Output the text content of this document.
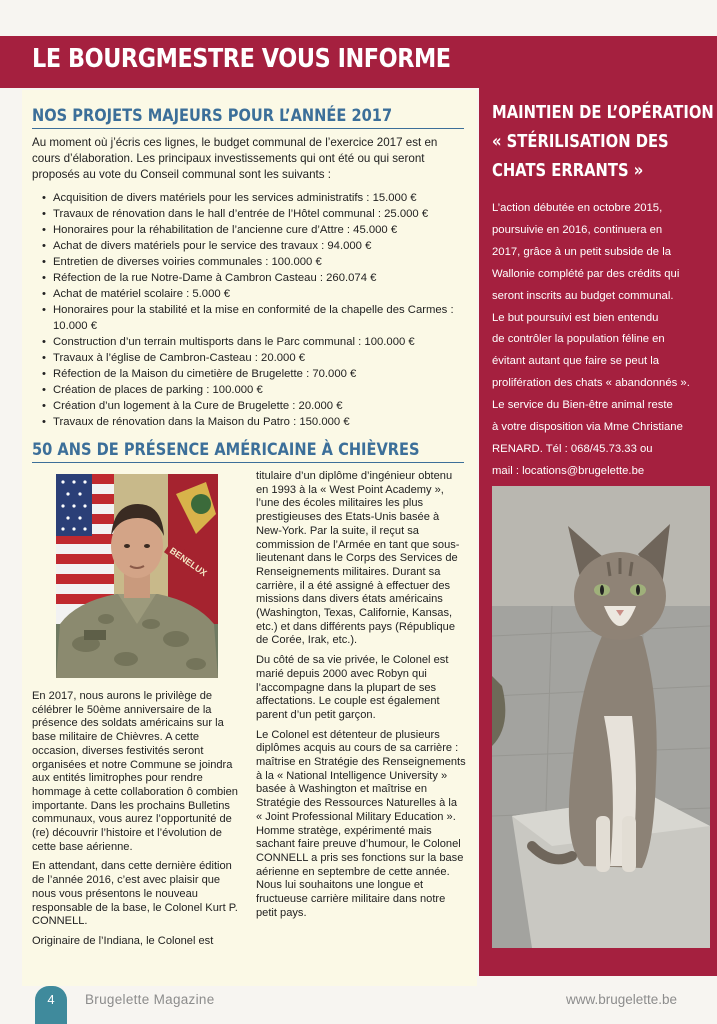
LE BOURGMESTRE VOUS INFORME
NOS PROJETS MAJEURS POUR L’ANNÉE 2017

Au moment où j’écris ces lignes, le budget communal de l’exercice 2017 est en cours d’élaboration. Les principaux investissements qui ont été ou qui seront proposés au vote du Conseil communal sont les suivants :

• Acquisition de divers matériels pour les services administratifs : 15.000 €
• Travaux de rénovation dans le hall d’entrée de l’Hôtel communal : 25.000 €
• Honoraires pour la réhabilitation de l’ancienne cure d’Attre : 45.000 €
• Achat de divers matériels pour le service des travaux : 94.000 €
• Entretien de diverses voiries communales : 100.000 €
• Réfection de la rue Notre-Dame à Cambron Casteau : 260.074 €
• Achat de matériel scolaire : 5.000 €
• Honoraires pour la stabilité et la mise en conformité de la chapelle des Carmes : 10.000 €
• Construction d’un terrain multisports dans le Parc communal : 100.000 €
• Travaux à l’église de Cambron-Casteau : 20.000 €
• Réfection de la Maison du cimetière de Brugelette : 70.000 €
• Création de places de parking : 100.000 €
• Création d’un logement à la Cure de Brugelette : 20.000 €
• Travaux de rénovation dans la Maison du Patro : 150.000 €
50 ANS DE PRÉSENCE AMÉRICAINE À CHIÈVRES
BENELUX

En 2017, nous aurons le privilège de célébrer le 50ème anniversaire de la présence des soldats américains sur la base militaire de Chièvres. A cette occasion, diverses festivités seront organisées et notre Commune se joindra aux entités limitrophes pour rendre hommage à cette collaboration ô combien importante. Dans les prochains Bulletins communaux, vous aurez l’opportunité de (re) découvrir l’histoire et l’évolution de cette base aérienne.

En attendant, dans cette dernière édition de l’année 2016, c’est avec plaisir que nous vous présentons le nouveau responsable de la base, le Colonel Kurt P. CONNELL.

Originaire de l’Indiana, le Colonel est

titulaire d’un diplôme d’ingénieur obtenu en 1993 à la « West Point Academy », l’une des écoles militaires les plus prestigieuses des Etats-Unis basée à New-York. Par la suite, il reçut sa commission de l’Armée en tant que sous-lieutenant dans le Corps des Services de Renseignements militaires. Durant sa carrière, il a été assigné à effectuer des missions dans divers états américains (Washington, Texas, Californie, Kansas, etc.) et dans différents pays (République de Corée, Irak, etc.).

Du côté de sa vie privée, le Colonel est marié depuis 2000 avec Robyn qui l’accompagne dans la plupart de ses affectations. Le couple est également parent d’un petit garçon.

Le Colonel est détenteur de plusieurs diplômes acquis au cours de sa carrière : maîtrise en Stratégie des Renseignements à la « National Intelligence University » basée à Washington et maîtrise en Stratégie des Ressources Naturelles à la « Joint Professional Military Education ». Homme stratège, expérimenté mais sachant faire preuve d’humour, le Colonel CONNELL a pris ses fonctions sur la base aérienne en septembre de cette année. Nous lui souhaitons une longue et fructueuse carrière militaire dans notre petit pays.

MAINTIEN DE L’OPÉRATION
« STÉRILISATION DES
CHATS ERRANTS »

L’action débutée en octobre 2015,
poursuivie en 2016, continuera en
2017, grâce à un petit subside de la
Wallonie complété par des crédits qui
seront inscrits au budget communal.
Le but poursuivi est bien entendu
de contrôler la population féline en
évitant autant que faire se peut la
prolifération des chats « abandonnés ».
Le service du Bien-être animal reste
à votre disposition via Mme Christiane
RENARD. Tél : 068/45.73.33 ou
mail : locations@brugelette.be

4	Brugelette Magazine	www.brugelette.be
